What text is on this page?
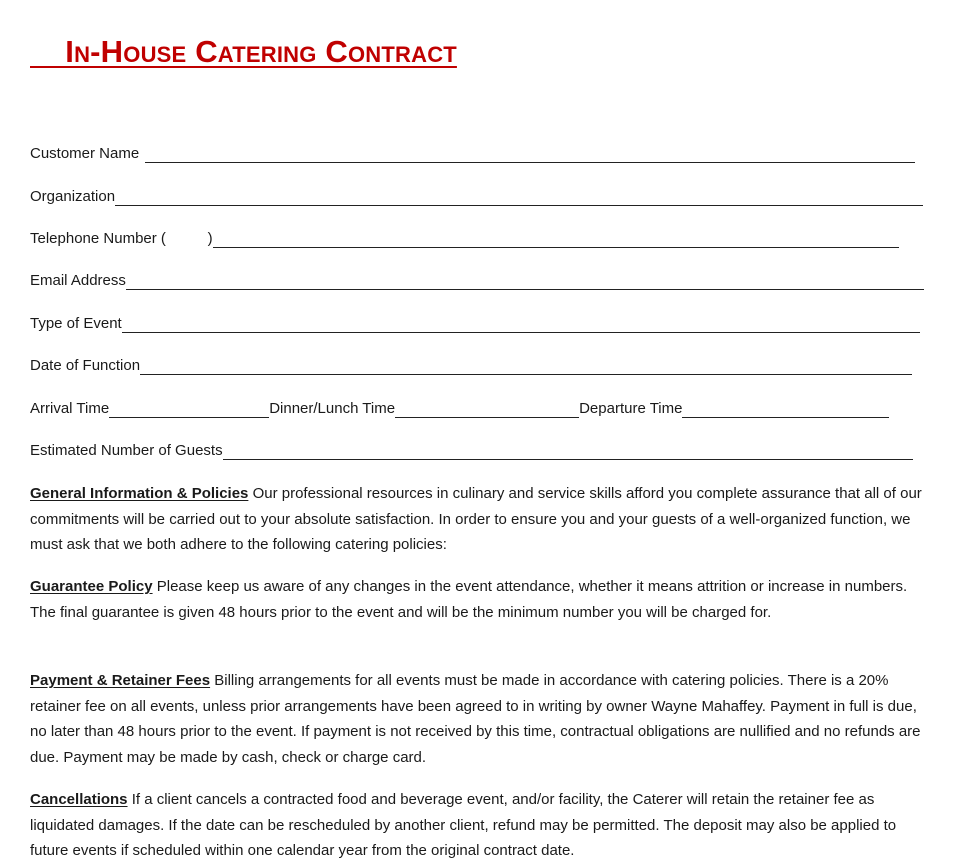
In-House Catering Contract
Customer Name
Organization
Telephone Number (          )
Email Address
Type of Event
Date of Function
Arrival Time	Dinner/Lunch Time	Departure Time
Estimated Number of Guests

General Information & Policies Our professional resources in culinary and service skills afford you complete assurance that all of our commitments will be carried out to your absolute satisfaction. In order to ensure you and your guests of a well-organized function, we must ask that we both adhere to the following catering policies:

Guarantee Policy Please keep us aware of any changes in the event attendance, whether it means attrition or increase in numbers. The final guarantee is given 48 hours prior to the event and will be the minimum number you will be charged for.

Payment & Retainer Fees Billing arrangements for all events must be made in accordance with catering policies. There is a 20% retainer fee on all events, unless prior arrangements have been agreed to in writing by owner Wayne Mahaffey. Payment in full is due, no later than 48 hours prior to the event. If payment is not received by this time, contractual obligations are nullified and no refunds are due. Payment may be made by cash, check or charge card.

Cancellations If a client cancels a contracted food and beverage event, and/or facility, the Caterer will retain the retainer fee as liquidated damages. If the date can be rescheduled by another client, refund may be permitted. The deposit may also be applied to future events if scheduled within one calendar year from the original contract date.
